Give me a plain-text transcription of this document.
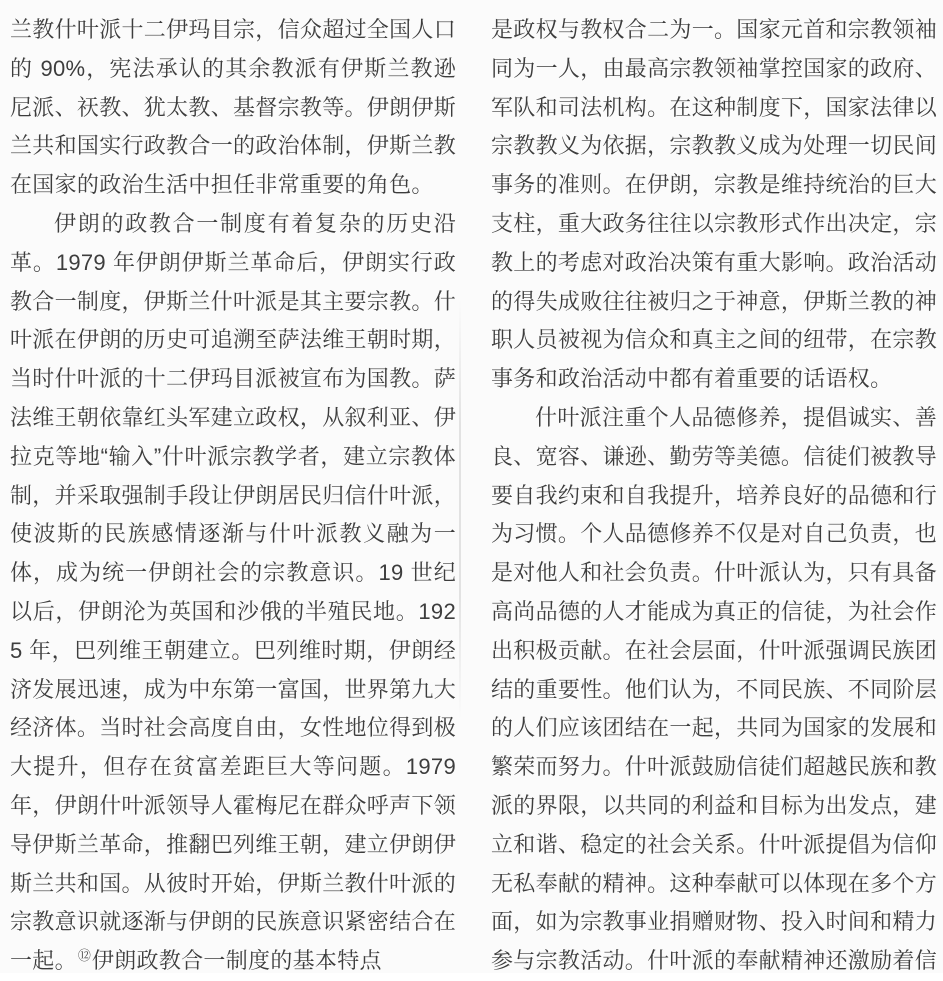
兰教什叶派十二伊玛目宗，信众超过全国人口的 90%，宪法承认的其余教派有伊斯兰教逊尼派、祆教、犹太教、基督宗教等。伊朗伊斯兰共和国实行政教合一的政治体制，伊斯兰教在国家的政治生活中担任非常重要的角色。

伊朗的政教合一制度有着复杂的历史沿革。1979 年伊朗伊斯兰革命后，伊朗实行政教合一制度，伊斯兰什叶派是其主要宗教。什叶派在伊朗的历史可追溯至萨法维王朝时期，当时什叶派的十二伊玛目派被宣布为国教。萨法维王朝依靠红头军建立政权，从叙利亚、伊拉克等地“输入”什叶派宗教学者，建立宗教体制，并采取强制手段让伊朗居民归信什叶派，使波斯的民族感情逐渐与什叶派教义融为一体，成为统一伊朗社会的宗教意识。19 世纪以后，伊朗沦为英国和沙俄的半殖民地。1925 年，巴列维王朝建立。巴列维时期，伊朗经济发展迅速，成为中东第一富国，世界第九大经济体。当时社会高度自由，女性地位得到极大提升，但存在贫富差距巨大等问题。1979 年，伊朗什叶派领导人霍梅尼在群众呼声下领导伊斯兰革命，推翻巴列维王朝，建立伊朗伊斯兰共和国。从彼时开始，伊斯兰教什叶派的宗教意识就逐渐与伊朗的民族意识紧密结合在一起。⑫伊朗政教合一制度的基本特点

是政权与教权合二为一。国家元首和宗教领袖同为一人，由最高宗教领袖掌控国家的政府、军队和司法机构。在这种制度下，国家法律以宗教教义为依据，宗教教义成为处理一切民间事务的准则。在伊朗，宗教是维持统治的巨大支柱，重大政务往往以宗教形式作出决定，宗教上的考虑对政治决策有重大影响。政治活动的得失成败往往被归之于神意，伊斯兰教的神职人员被视为信众和真主之间的纽带，在宗教事务和政治活动中都有着重要的话语权。

什叶派注重个人品德修养，提倡诚实、善良、宽容、谦逊、勤劳等美德。信徒们被教导要自我约束和自我提升，培养良好的品德和行为习惯。个人品德修养不仅是对自己负责，也是对他人和社会负责。什叶派认为，只有具备高尚品德的人才能成为真正的信徒，为社会作出积极贡献。在社会层面，什叶派强调民族团结的重要性。他们认为，不同民族、不同阶层的人们应该团结在一起，共同为国家的发展和繁荣而努力。什叶派鼓励信徒们超越民族和教派的界限，以共同的利益和目标为出发点，建立和谐、稳定的社会关系。什叶派提倡为信仰无私奉献的精神。这种奉献可以体现在多个方面，如为宗教事业捐赠财物、投入时间和精力参与宗教活动。什叶派的奉献精神还激励着信
